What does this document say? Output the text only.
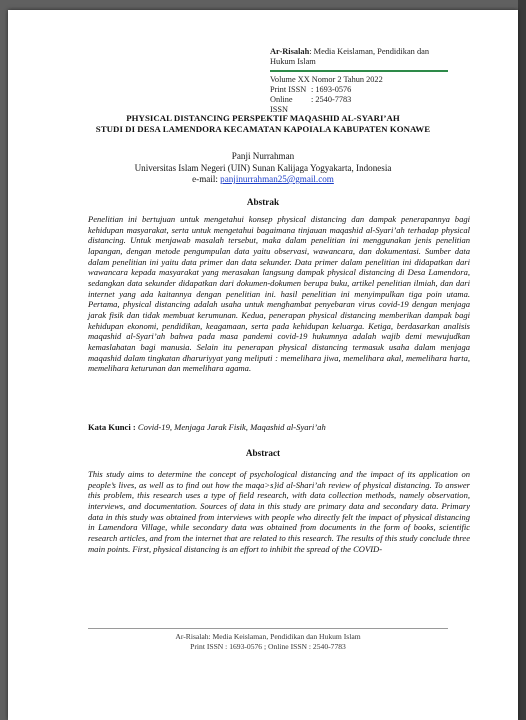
Ar-Risalah: Media Keislaman, Pendidikan dan Hukum Islam
Volume XX Nomor 2 Tahun 2022
Print ISSN : 1693-0576
Online ISSN
: 2540-7783
PHYSICAL DISTANCING PERSPEKTIF MAQASHID AL-SYARI’AH
STUDI DI DESA LAMENDORA KECAMATAN KAPOIALA KABUPATEN KONAWE
Panji Nurrahman
Universitas Islam Negeri (UIN) Sunan Kalijaga Yogyakarta, Indonesia
e-mail: panjinurrahman25@gmail.com
Abstrak
Penelitian ini bertujuan untuk mengetahui konsep physical distancing dan dampak penerapannya bagi kehidupan masyarakat, serta untuk mengetahui bagaimana tinjauan maqashid al-Syari’ah terhadap physical distancing. Untuk menjawab masalah tersebut, maka dalam penelitian ini menggunakan jenis penelitian lapangan, dengan metode pengumpulan data yaitu observasi, wawancara, dan dokumentasi. Sumber data dalam penelitian ini yaitu data primer dan data sekunder. Data primer dalam penelitian ini didapatkan dari wawancara kepada masyarakat yang merasakan langsung dampak physical distancing di Desa Lamendora, sedangkan data sekunder didapatkan dari dokumen-dokumen berupa buku, artikel penelitian ilmiah, dan dari internet yang ada kaitannya dengan penelitian ini. hasil penelitian ini menyimpulkan tiga poin utama. Pertama, physical distancing adalah usaha untuk menghambat penyebaran virus covid-19 dengan menjaga jarak fisik dan tidak membuat kerumunan. Kedua, penerapan physical distancing memberikan dampak bagi kehidupan ekonomi, pendidikan, keagamaan, serta pada kehidupan keluarga. Ketiga, berdasarkan analisis maqashid al-Syari’ah bahwa pada masa pandemi covid-19 hukumnya adalah wajib demi mewujudkan kemaslahatan bagi manusia. Selain itu penerapan physical distancing termasuk usaha dalam menjaga maqashid dalam tingkatan dharuriyyat yang meliputi : memelihara jiwa, memelihara akal, memelihara harta, memelihara keturunan dan memelihara agama.
Kata Kunci : Covid-19, Menjaga Jarak Fisik, Maqashid al-Syari’ah
Abstract
This study aims to determine the concept of psychological distancing and the impact of its application on people’s lives, as well as to find out how the maqa>s}id al-Shari’ah review of physical distancing. To answer this problem, this research uses a type of field research, with data collection methods, namely observation, interviews, and documentation. Sources of data in this study are primary data and secondary data. Primary data in this study was obtained from interviews with people who directly felt the impact of physical distancing in Lamendora Village, while secondary data was obtained from documents in the form of books, scientific research articles, and from the internet that are related to this research. The results of this study conclude three main points. First, physical distancing is an effort to inhibit the spread of the COVID-
Ar-Risalah: Media Keislaman, Pendidikan dan Hukum Islam
Print ISSN : 1693-0576 ; Online ISSN : 2540-7783
